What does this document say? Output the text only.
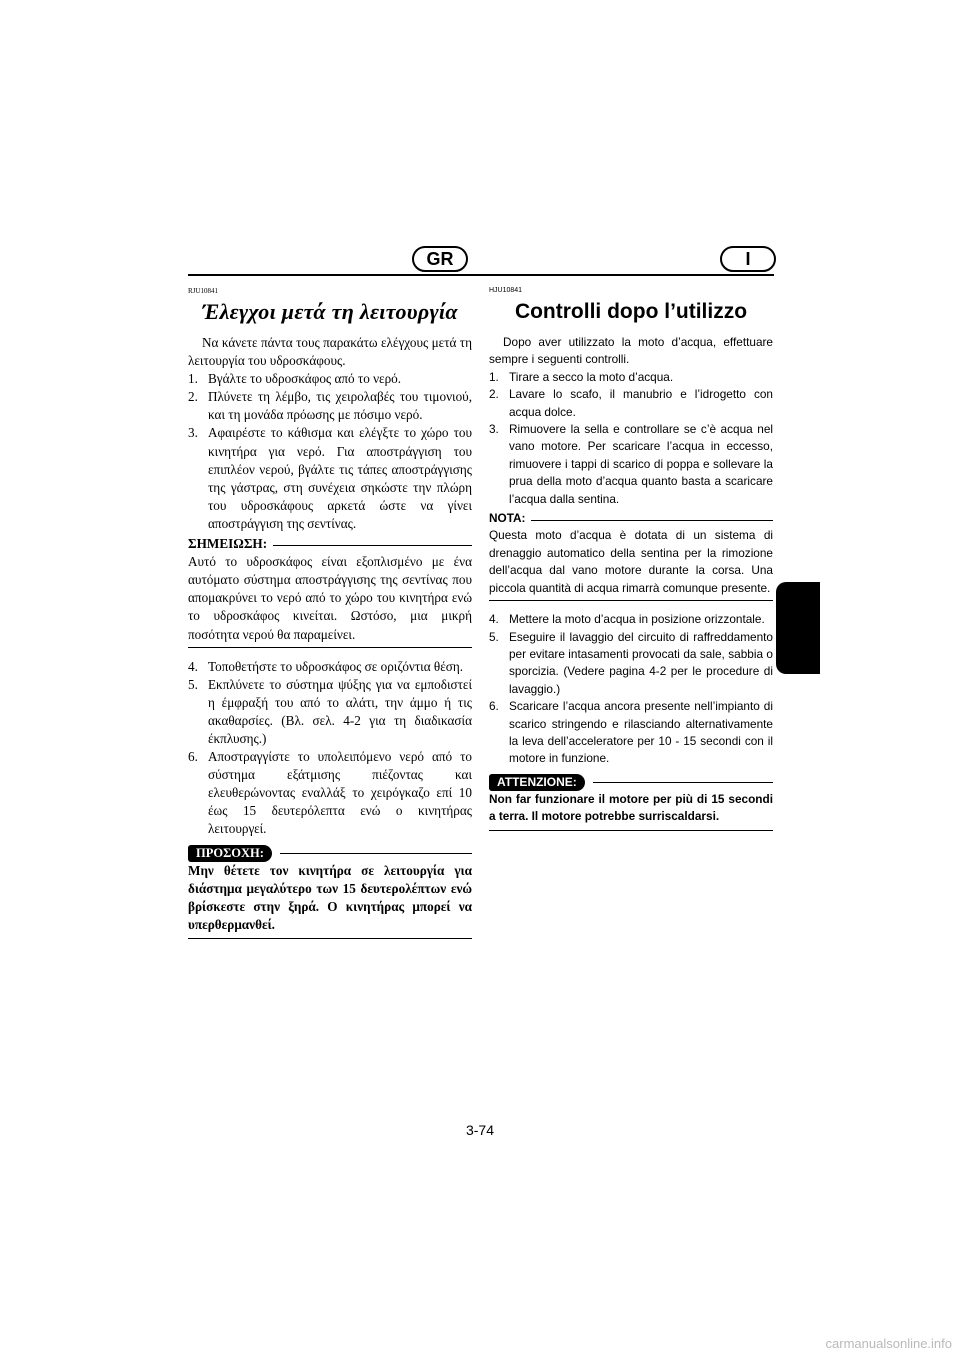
GR	I

RJU10841

Έλεγχοι μετά τη λειτουργία

Να κάνετε πάντα τους παρακάτω ελέγχους μετά τη λειτουργία του υδροσκάφους.

1. Βγάλτε το υδροσκάφος από το νερό.
2. Πλύνετε τη λέμβο, τις χειρολαβές του τιμονιού, και τη μονάδα πρόωσης με πόσιμο νερό.
3. Αφαιρέστε το κάθισμα και ελέγξτε το χώρο του κινητήρα για νερό. Για αποστράγγιση του επιπλέον νερού, βγάλτε τις τάπες αποστράγγισης της γάστρας, στη συνέχεια σηκώστε την πλώρη του υδροσκάφους αρκετά ώστε να γίνει αποστράγγιση της σεντίνας.
ΣΗΜΕΙΩΣΗ:

Αυτό το υδροσκάφος είναι εξοπλισμένο με ένα αυτόματο σύστημα αποστράγγισης της σεντίνας που απομακρύνει το νερό από το χώρο του κινητήρα ενώ το υδροσκάφος κινείται. Ωστόσο, μια μικρή ποσότητα νερού θα παραμείνει.

4. Τοποθετήστε το υδροσκάφος σε οριζόντια θέση.
5. Εκπλύνετε το σύστημα ψύξης για να εμποδιστεί η έμφραξή του από το αλάτι, την άμμο ή τις ακαθαρσίες. (Βλ. σελ. 4-2 για τη διαδικασία έκπλυσης.)
6. Αποστραγγίστε το υπολειπόμενο νερό από το σύστημα εξάτμισης πιέζοντας και ελευθερώνοντας εναλλάξ το χειρόγκαζο επί 10 έως 15 δευτερόλεπτα ενώ ο κινητήρας λειτουργεί.
ΠΡΟΣΟΧΗ:

Μην θέτετε τον κινητήρα σε λειτουργία για διάστημα μεγαλύτερο των 15 δευτερολέπτων ενώ βρίσκεστε στην ξηρά. Ο κινητήρας μπορεί να υπερθερμανθεί.

HJU10841

Controlli dopo l’utilizzo

Dopo aver utilizzato la moto d’acqua, effettuare sempre i seguenti controlli.

1. Tirare a secco la moto d’acqua.
2. Lavare lo scafo, il manubrio e l’idrogetto con acqua dolce.
3. Rimuovere la sella e controllare se c’è acqua nel vano motore. Per scaricare l’acqua in eccesso, rimuovere i tappi di scarico di poppa e sollevare la prua della moto d’acqua quanto basta a scaricare l’acqua dalla sentina.
NOTA:

Questa moto d’acqua è dotata di un sistema di drenaggio automatico della sentina per la rimozione dell’acqua dal vano motore durante la corsa. Una piccola quantità di acqua rimarrà comunque presente.

4. Mettere la moto d’acqua in posizione orizzontale.
5. Eseguire il lavaggio del circuito di raffreddamento per evitare intasamenti provocati da sale, sabbia o sporcizia. (Vedere pagina 4-2 per le procedure di lavaggio.)
6. Scaricare l’acqua ancora presente nell’impianto di scarico stringendo e rilasciando alternativamente la leva dell’acceleratore per 10 - 15 secondi con il motore in funzione.
ATTENZIONE:

Non far funzionare il motore per più di 15 secondi a terra. Il motore potrebbe surriscaldarsi.

3-74
carmanualsonline.info
